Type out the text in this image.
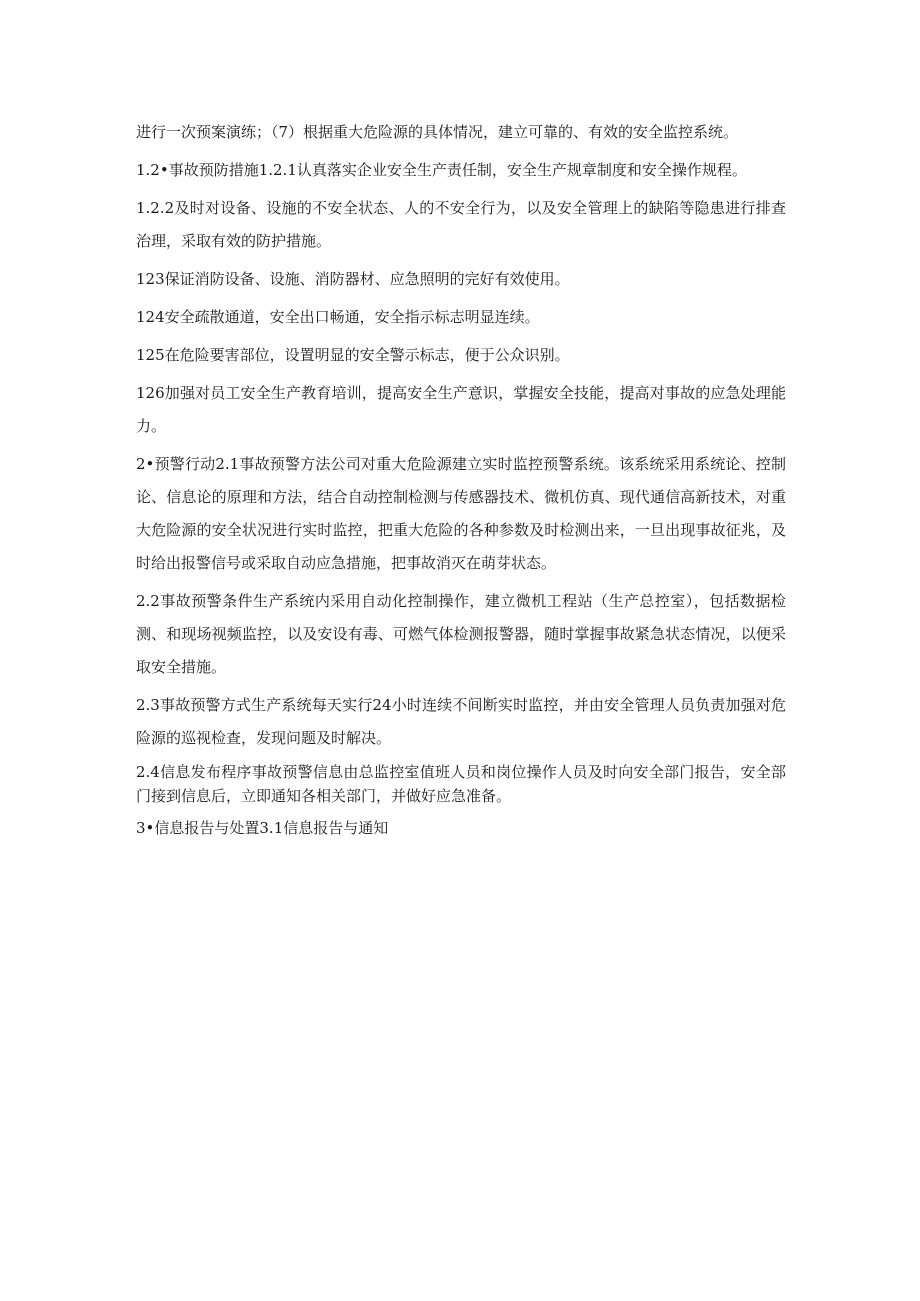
进行一次预案演练；（7）根据重大危险源的具体情况，建立可靠的、有效的安全监控系统。

1.2•事故预防措施1.2.1认真落实企业安全生产责任制，安全生产规章制度和安全操作规程。

1.2.2及时对设备、设施的不安全状态、人的不安全行为，以及安全管理上的缺陷等隐患进行排查治理，采取有效的防护措施。

123保证消防设备、设施、消防器材、应急照明的完好有效使用。

124安全疏散通道，安全出口畅通，安全指示标志明显连续。

125在危险要害部位，设置明显的安全警示标志，便于公众识别。

126加强对员工安全生产教育培训，提高安全生产意识，掌握安全技能，提高对事故的应急处理能力。

2•预警行动2.1事故预警方法公司对重大危险源建立实时监控预警系统。该系统采用系统论、控制论、信息论的原理和方法，结合自动控制检测与传感器技术、微机仿真、现代通信高新技术，对重大危险源的安全状况进行实时监控，把重大危险的各种参数及时检测出来，一旦出现事故征兆，及时给出报警信号或采取自动应急措施，把事故消灭在萌芽状态。

2.2事故预警条件生产系统内采用自动化控制操作，建立微机工程站（生产总控室），包括数据检测、和现场视频监控，以及安设有毒、可燃气体检测报警器，随时掌握事故紧急状态情况，以便采取安全措施。

2.3事故预警方式生产系统每天实行24小时连续不间断实时监控，并由安全管理人员负责加强对危险源的巡视检查，发现问题及时解决。

2.4信息发布程序事故预警信息由总监控室值班人员和岗位操作人员及时向安全部门报告，安全部门接到信息后，立即通知各相关部门，并做好应急准备。

3•信息报告与处置3.1信息报告与通知
